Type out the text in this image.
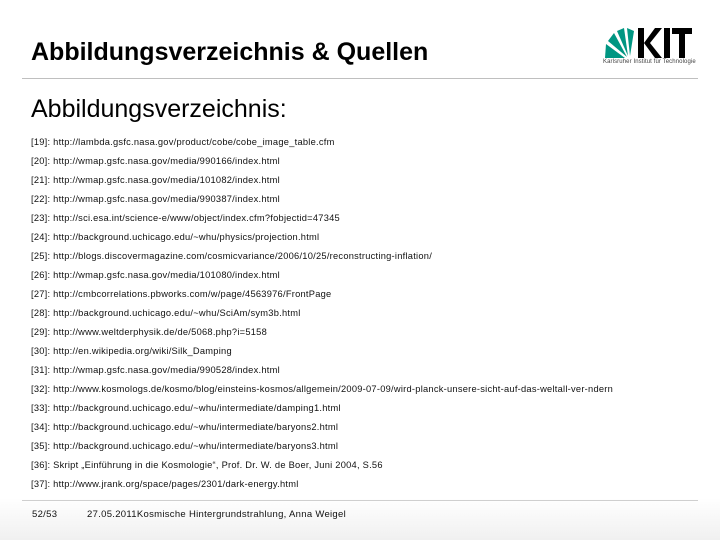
Abbildungsverzeichnis & Quellen	Karlsruher Institut für Technologie
Abbildungsverzeichnis:
[19]: http://lambda.gsfc.nasa.gov/product/cobe/cobe_image_table.cfm
[20]: http://wmap.gsfc.nasa.gov/media/990166/index.html
[21]: http://wmap.gsfc.nasa.gov/media/101082/index.html
[22]: http://wmap.gsfc.nasa.gov/media/990387/index.html
[23]: http://sci.esa.int/science-e/www/object/index.cfm?fobjectid=47345
[24]: http://background.uchicago.edu/~whu/physics/projection.html
[25]: http://blogs.discovermagazine.com/cosmicvariance/2006/10/25/reconstructing-inflation/
[26]: http://wmap.gsfc.nasa.gov/media/101080/index.html
[27]: http://cmbcorrelations.pbworks.com/w/page/4563976/FrontPage
[28]: http://background.uchicago.edu/~whu/SciAm/sym3b.html
[29]: http://www.weltderphysik.de/de/5068.php?i=5158
[30]: http://en.wikipedia.org/wiki/Silk_Damping
[31]: http://wmap.gsfc.nasa.gov/media/990528/index.html
[32]: http://www.kosmologs.de/kosmo/blog/einsteins-kosmos/allgemein/2009-07-09/wird-planck-unsere-sicht-auf-das-weltall-ver-ndern
[33]: http://background.uchicago.edu/~whu/intermediate/damping1.html
[34]: http://background.uchicago.edu/~whu/intermediate/baryons2.html
[35]: http://background.uchicago.edu/~whu/intermediate/baryons3.html
[36]: Skript „Einführung in die Kosmologie“, Prof. Dr. W. de Boer, Juni 2004, S.56
[37]: http://www.jrank.org/space/pages/2301/dark-energy.html
52/53	27.05.2011Kosmische Hintergrundstrahlung, Anna Weigel
